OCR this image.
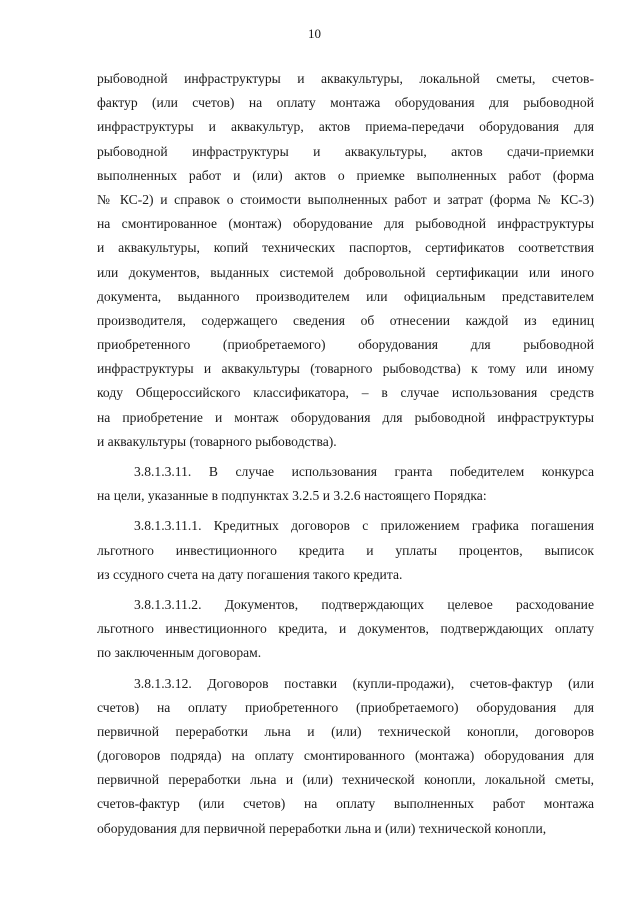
10
рыбоводной инфраструктуры и аквакультуры, локальной сметы, счетов-
фактур (или счетов) на оплату монтажа оборудования для рыбоводной
инфраструктуры и аквакультур, актов приема-передачи оборудования для
рыбоводной инфраструктуры и аквакультуры, актов сдачи-приемки
выполненных работ и (или) актов о приемке выполненных работ (форма
№ КС-2) и справок о стоимости выполненных работ и затрат (форма № КС-3)
на смонтированное (монтаж) оборудование для рыбоводной инфраструктуры
и аквакультуры, копий технических паспортов, сертификатов соответствия
или документов, выданных системой добровольной сертификации или иного
документа, выданного производителем или официальным представителем
производителя, содержащего сведения об отнесении каждой из единиц
приобретенного (приобретаемого) оборудования для рыбоводной
инфраструктуры и аквакультуры (товарного рыбоводства) к тому или иному
коду Общероссийского классификатора, – в случае использования средств
на приобретение и монтаж оборудования для рыбоводной инфраструктуры
и аквакультуры (товарного рыбоводства).
3.8.1.3.11. В случае использования гранта победителем конкурса
на цели, указанные в подпунктах 3.2.5 и 3.2.6 настоящего Порядка:
3.8.1.3.11.1. Кредитных договоров с приложением графика погашения
льготного инвестиционного кредита и уплаты процентов, выписок
из ссудного счета на дату погашения такого кредита.
3.8.1.3.11.2. Документов, подтверждающих целевое расходование
льготного инвестиционного кредита, и документов, подтверждающих оплату
по заключенным договорам.
3.8.1.3.12. Договоров поставки (купли-продажи), счетов-фактур (или
счетов) на оплату приобретенного (приобретаемого) оборудования для
первичной переработки льна и (или) технической конопли, договоров
(договоров подряда) на оплату смонтированного (монтажа) оборудования для
первичной переработки льна и (или) технической конопли, локальной сметы,
счетов-фактур (или счетов) на оплату выполненных работ монтажа
оборудования для первичной переработки льна и (или) технической конопли,
